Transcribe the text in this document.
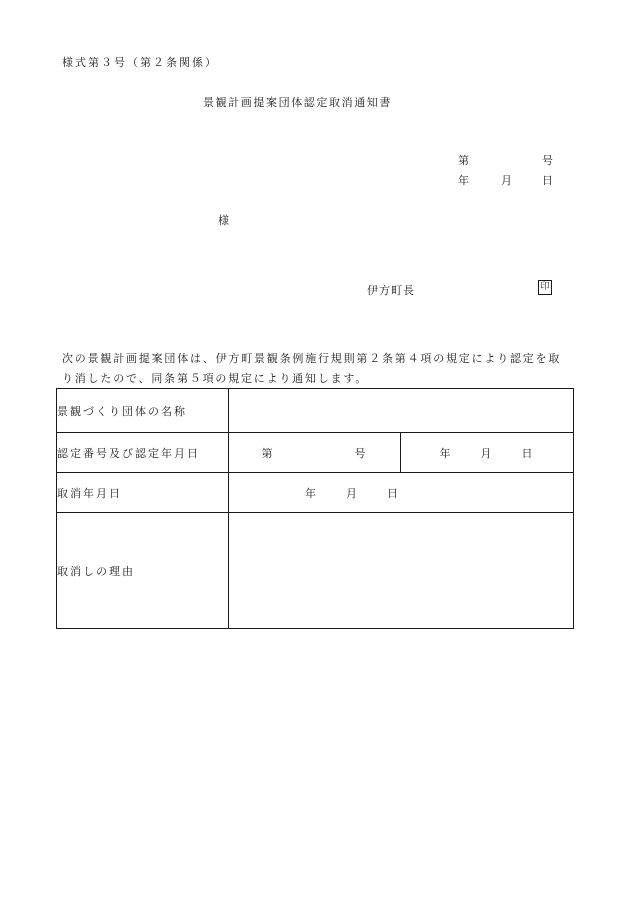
様式第３号（第２条関係）
景観計画提案団体認定取消通知書
第	号
年	月	日
様
伊方町長	印
次の景観計画提案団体は、伊方町景観条例施行規則第２条第４項の規定により認定を取り消したので、同条第５項の規定により通知します。
景観づくり団体の名称		
認定番号及び認定年月日	第 号	年 月 日
取消年月日	年 月 日	
取消しの理由		
